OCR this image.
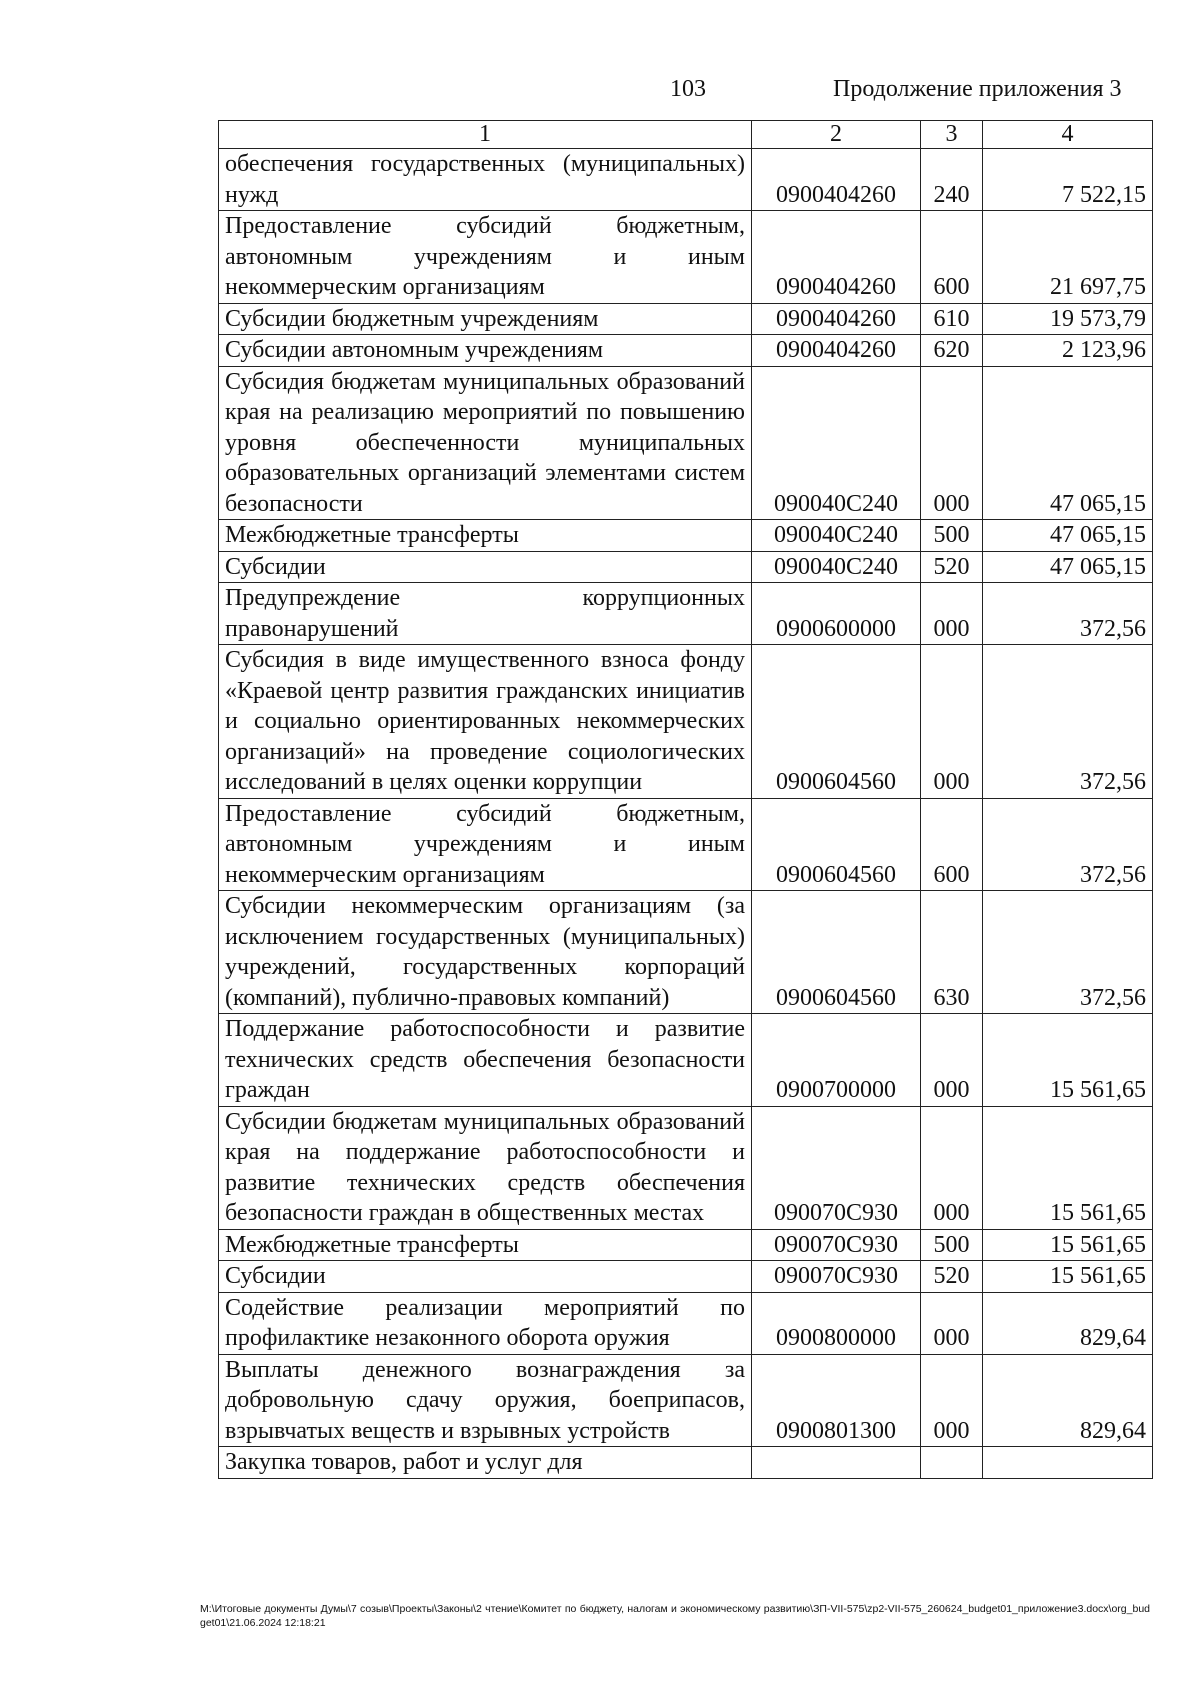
103	Продолжение приложения 3
1	2	3	4
обеспечения государственных (муниципальных) нужд	0900404260	240	7 522,15
Предоставление субсидий бюджетным, автономным учреждениям и иным некоммерческим организациям	0900404260	600	21 697,75
Субсидии бюджетным учреждениям	0900404260	610	19 573,79
Субсидии автономным учреждениям	0900404260	620	2 123,96
Субсидия бюджетам муниципальных образований края на реализацию мероприятий по повышению уровня обеспеченности муниципальных образовательных организаций элементами систем безопасности	090040С240	000	47 065,15
Межбюджетные трансферты	090040С240	500	47 065,15
Субсидии	090040С240	520	47 065,15
Предупреждение коррупционных правонарушений	0900600000	000	372,56
Субсидия в виде имущественного взноса фонду «Краевой центр развития гражданских инициатив и социально ориентированных некоммерческих организаций» на проведение социологических исследований в целях оценки коррупции	0900604560	000	372,56
Предоставление субсидий бюджетным, автономным учреждениям и иным некоммерческим организациям	0900604560	600	372,56
Субсидии некоммерческим организациям (за исключением государственных (муниципальных) учреждений, государственных корпораций (компаний), публично-правовых компаний)	0900604560	630	372,56
Поддержание работоспособности и развитие технических средств обеспечения безопасности граждан	0900700000	000	15 561,65
Субсидии бюджетам муниципальных образований края на поддержание работоспособности и развитие технических средств обеспечения безопасности граждан в общественных местах	090070С930	000	15 561,65
Межбюджетные трансферты	090070С930	500	15 561,65
Субсидии	090070С930	520	15 561,65
Содействие реализации мероприятий по профилактике незаконного оборота оружия	0900800000	000	829,64
Выплаты денежного вознаграждения за добровольную сдачу оружия, боеприпасов, взрывчатых веществ и взрывных устройств	0900801300	000	829,64
Закупка товаров, работ и услуг для			
M:\Итоговые документы Думы\7 созыв\Проекты\Законы\2 чтение\Комитет по бюджету, налогам и экономическому развитию\ЗП-VII-575\zp2-VII-575_260624_budget01_приложение3.docx\org_budget01\21.06.2024 12:18:21
